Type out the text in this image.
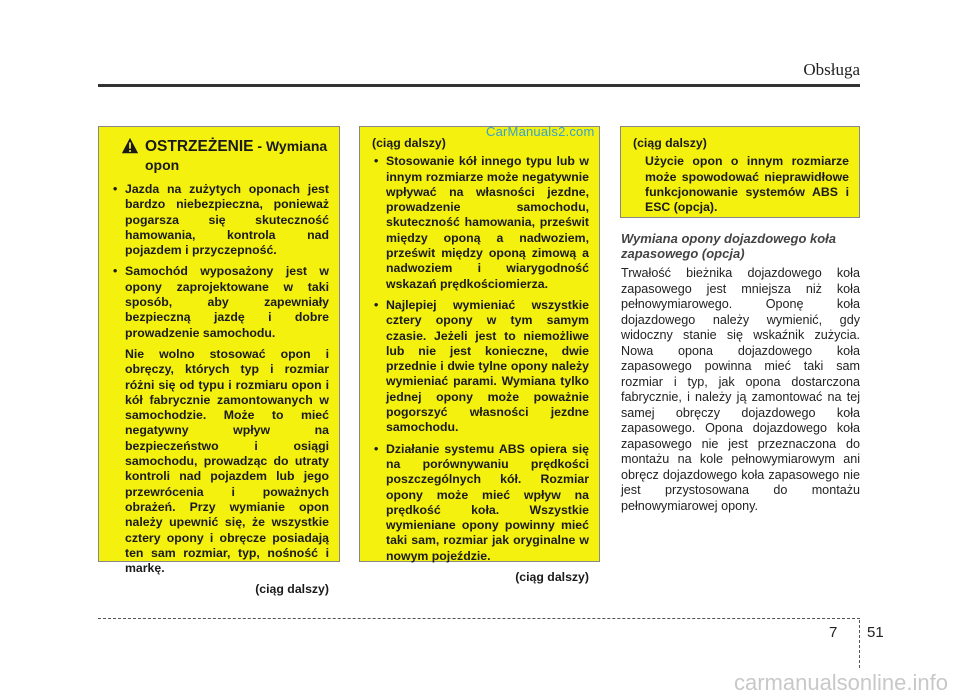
Obsługa
OSTRZEŻENIE - Wymiana opon
• Jazda na zużytych oponach jest bardzo niebezpieczna, ponieważ pogarsza się skuteczność hamowania, kontrola nad pojazdem i przyczepność.
• Samochód wyposażony jest w opony zaprojektowane w taki sposób, aby zapewniały bezpieczną jazdę i dobre prowadzenie samochodu.
Nie wolno stosować opon i obręczy, których typ i rozmiar różni się od typu i rozmiaru opon i kół fabrycznie zamontowanych w samochodzie. Może to mieć negatywny wpływ na bezpieczeństwo i osiągi samochodu, prowadząc do utraty kontroli nad pojazdem lub jego przewrócenia i poważnych obrażeń. Przy wymianie opon należy upewnić się, że wszystkie cztery opony i obręcze posiadają ten sam rozmiar, typ, nośność i markę.
(ciąg dalszy)
(ciąg dalszy)
• Stosowanie kół innego typu lub w innym rozmiarze może negatywnie wpływać na własności jezdne, prowadzenie samochodu, skuteczność hamowania, prześwit między oponą a nadwoziem, prześwit między oponą zimową a nadwoziem i wiarygodność wskazań prędkościomierza.
• Najlepiej wymieniać wszystkie cztery opony w tym samym czasie. Jeżeli jest to niemożliwe lub nie jest konieczne, dwie przednie i dwie tylne opony należy wymieniać parami. Wymiana tylko jednej opony może poważnie pogorszyć własności jezdne samochodu.
• Działanie systemu ABS opiera się na porównywaniu prędkości poszczególnych kół. Rozmiar opony może mieć wpływ na prędkość koła. Wszystkie wymieniane opony powinny mieć taki sam, rozmiar jak oryginalne w nowym pojeździe.
(ciąg dalszy)
CarManuals2.com
(ciąg dalszy)
Użycie opon o innym rozmiarze może spowodować nieprawidłowe funkcjonowanie systemów ABS i ESC (opcja).
Wymiana opony dojazdowego koła zapasowego (opcja)
Trwałość bieżnika dojazdowego koła zapasowego jest mniejsza niż koła pełnowymiarowego. Oponę koła dojazdowego należy wymienić, gdy widoczny stanie się wskaźnik zużycia. Nowa opona dojazdowego koła zapasowego powinna mieć taki sam rozmiar i typ, jak opona dostarczona fabrycznie, i należy ją zamontować na tej samej obręczy dojazdowego koła zapasowego. Opona dojazdowego koła zapasowego nie jest przeznaczona do montażu na kole pełnowymiarowym ani obręcz dojazdowego koła zapasowego nie jest przystosowana do montażu pełnowymiarowej opony.
7 51
carmanualsonline.info
